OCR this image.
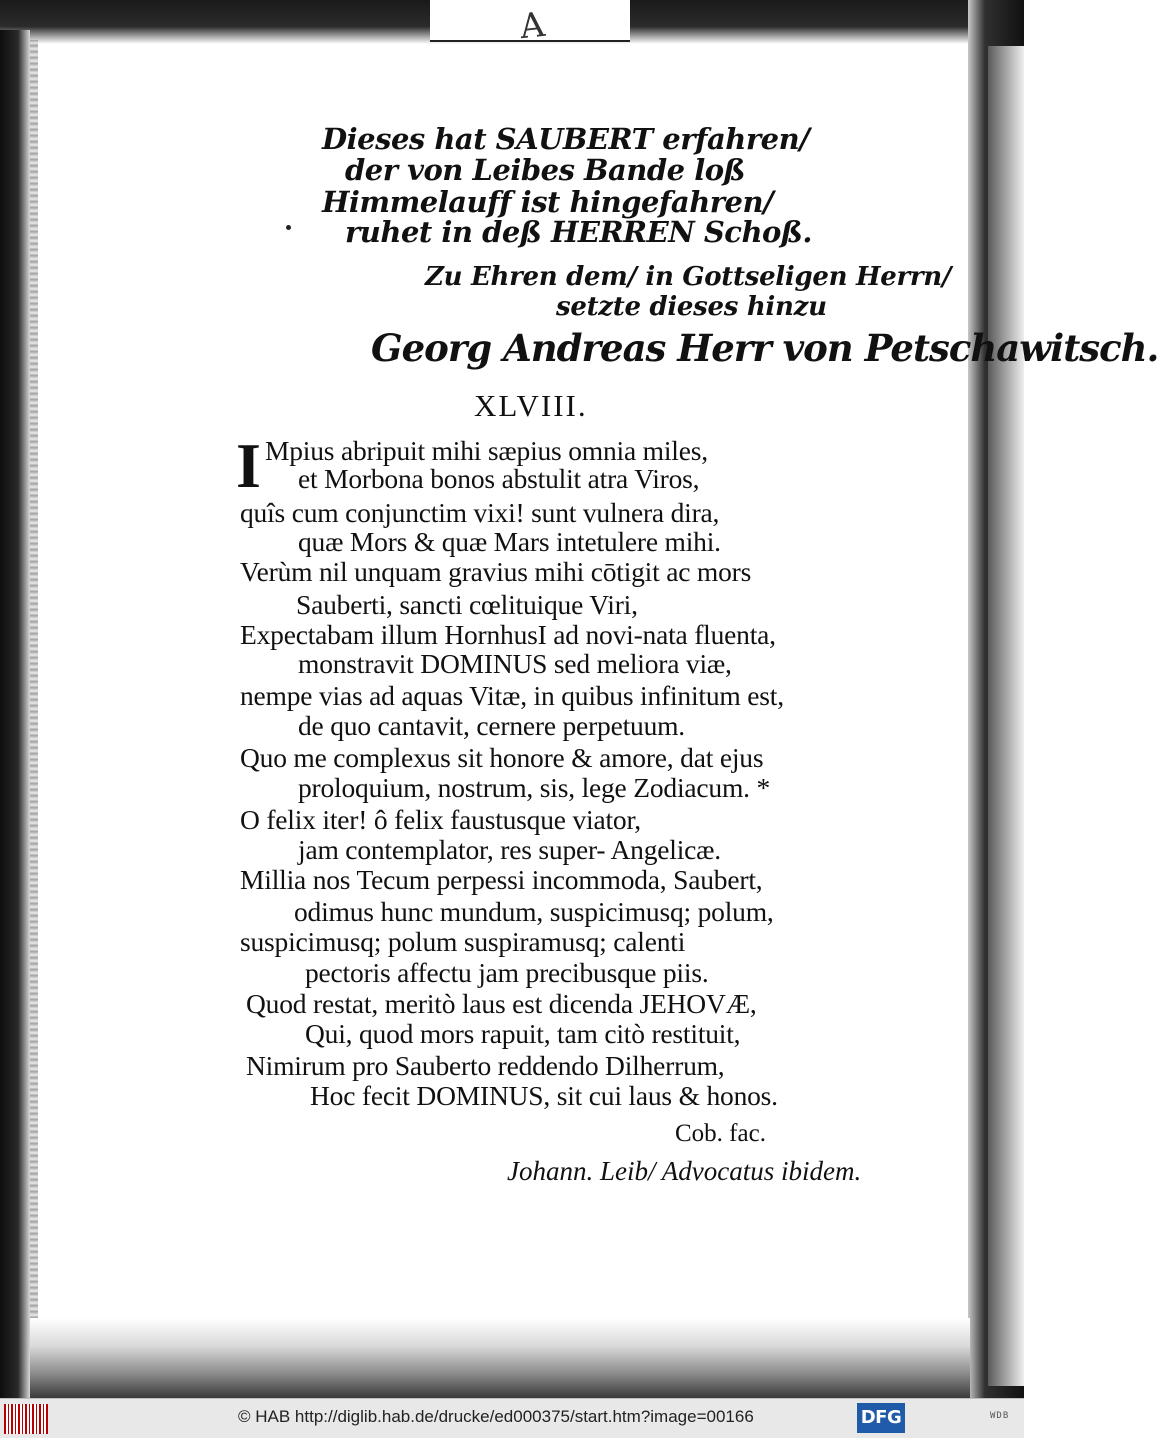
A
Dieses hat SAUBERT erfahren/
der von Leibes Bande loß
Himmelauff ist hingefahren/
ruhet in deß HERREN Schoß.
Zu Ehren dem/ in Gottseligen Herrn/
setzte dieses hinzu
Georg Andreas Herr von Petschawitsch.
XLVIII.
I Mpius abripuit mihi sæpius omnia miles,
et Morbona bonos abstulit atra Viros,
quîs cum conjunctim vixi! sunt vulnera dira,
quæ Mors & quæ Mars intetulere mihi.
Verùm nil unquam gravius mihi cōtigit ac mors
Sauberti, sancti cœlituique Viri,
Expectabam illum HornhusI ad novi-nata fluenta,
monstravit DOMINUS sed meliora viæ,
nempe vias ad aquas Vitæ, in quibus infinitum est,
de quo cantavit, cernere perpetuum.
Quo me complexus sit honore & amore, dat ejus
proloquium, nostrum, sis, lege Zodiacum. *
O felix iter! ô felix faustusque viator,
jam contemplator, res super- Angelicæ.
Millia nos Tecum perpessi incommoda, Saubert,
odimus hunc mundum, suspicimusq; polum,
suspicimusq; polum suspiramusq; calenti
pectoris affectu jam precibusque piis.
Quod restat, meritò laus est dicenda JEHOVÆ,
Qui, quod mors rapuit, tam citò restituit,
Nimirum pro Sauberto reddendo Dilherrum,
Hoc fecit DOMINUS, sit cui laus & honos.
Cob. fac.
Johann. Leib/ Advocatus ibidem.
© HAB http://diglib.hab.de/drucke/ed000375/start.htm?image=00166	DFG	WDB
